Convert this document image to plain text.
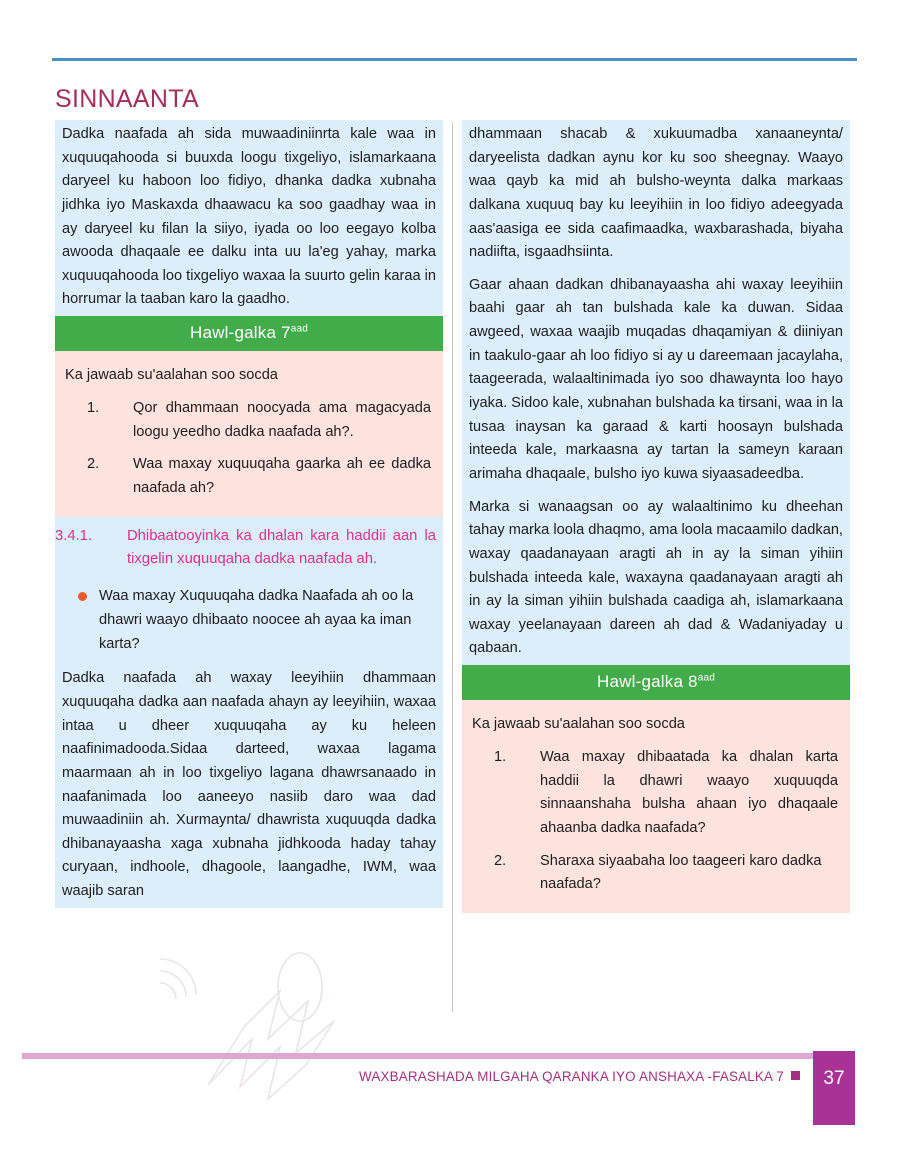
SINNAANTA

Dadka naafada ah sida muwaadiniinrta kale waa in xuquuqahooda si buuxda loogu tixgeliyo, islamarkaana daryeel ku haboon loo fidiyo, dhanka dadka xubnaha jidhka iyo Maskaxda dhaawacu ka soo gaadhay waa in ay daryeel ku filan la siiyo, iyada oo loo eegayo kolba awooda dhaqaale ee dalku inta uu la'eg yahay, marka xuquuqahooda loo tixgeliyo waxaa la suurto gelin karaa in horrumar la taaban karo la gaadho.

Hawl-galka $7^{aad}$

Ka jawaab su'aalahan soo socda

Qor dhammaan noocyada ama magacyada loogu yeedho dadka naafada ah?.
Waa maxay xuquuqaha gaarka ah ee dadka naafada ah?
3.4.1.	Dhibaatooyinka ka dhalan kara haddii aan la tixgelin xuquuqaha dadka naafada ah.
Waa maxay Xuquuqaha dadka Naafada ah oo la dhawri waayo dhibaato noocee ah ayaa ka iman karta?

Dadka naafada ah waxay leeyihiin dhammaan xuquuqaha dadka aan naafada ahayn ay leeyihiin, waxaa intaa u dheer xuquuqaha ay ku heleen naafinimadooda.Sidaa darteed, waxaa lagama maarmaan ah in loo tixgeliyo lagana dhawrsanaado in naafanimada loo aaneeyo nasiib daro waa dad muwaadiniin ah. Xurmaynta/ dhawrista xuquuqda dadka dhibanayaasha xaga xubnaha jidhkooda haday tahay curyaan, indhoole, dhagoole, laangadhe, IWM, waa waajib saran

dhammaan shacab & xukuumadba xanaaneynta/ daryeelista dadkan aynu kor ku soo sheegnay. Waayo waa qayb ka mid ah bulsho-weynta dalka markaas dalkana xuquuq bay ku leeyihiin in loo fidiyo adeegyada aas'aasiga ee sida caafimaadka, waxbarashada, biyaha nadiifta, isgaadhsiinta.

Gaar ahaan dadkan dhibanayaasha ahi waxay leeyihiin baahi gaar ah tan bulshada kale ka duwan. Sidaa awgeed, waxaa waajib muqadas dhaqamiyan & diiniyan in taakulo-gaar ah loo fidiyo si ay u dareemaan jacaylaha, taageerada, walaaltinimada iyo soo dhawaynta loo hayo iyaka. Sidoo kale, xubnahan bulshada ka tirsani, waa in la tusaa inaysan ka garaad & karti hoosayn bulshada inteeda kale, markaasna ay tartan la sameyn karaan arimaha dhaqaale, bulsho iyo kuwa siyaasadeedba.

Marka si wanaagsan oo ay walaaltinimo ku dheehan tahay marka loola dhaqmo, ama loola macaamilo dadkan, waxay qaadanayaan aragti ah in ay la siman yihiin bulshada inteeda kale, waxayna qaadanayaan aragti ah in ay la siman yihiin bulshada caadiga ah, islamarkaana waxay yeelanayaan dareen ah dad & Wadaniyaday u qabaan.

Hawl-galka $8^{aad}$

Ka jawaab su'aalahan soo socda

Waa maxay dhibaatada ka dhalan karta haddii la dhawri waayo xuquuqda sinnaanshaha bulsha ahaan iyo dhaqaale ahaanba dadka naafada?
Sharaxa siyaabaha loo taageeri karo dadka naafada?
WAXBARASHADA MILGAHA QARANKA IYO ANSHAXA -FASALKA 7	37
